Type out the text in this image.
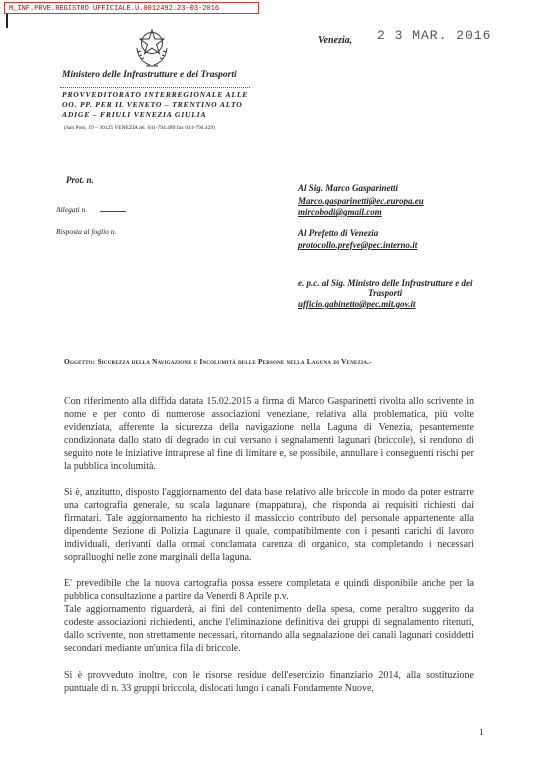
M_INF.PRVE.REGISTRO UFFICIALE.U.0012492.23-03-2016
Ministero delle Infrastrutture e dei Trasporti
PROVVEDITORATO INTERREGIONALE ALLE
OO. PP. PER IL VENETO – TRENTINO ALTO
ADIGE – FRIULI VENEZIA GIULIA
(San Polo, 19 – 30125 VENEZIA tel. 041-794.489 fax 041-794.429)
Venezia, 2 3 MAR. 2016
Prot. n.
Allegati n.
Risposta al foglio n.
Al Sig. Marco Gasparinetti
Marco.gasparinetti@ec.europa.eu
mircobodi@gmail.com
Al Prefetto di Venezia
protocollo.prefve@pec.interno.it
e. p.c. al Sig. Ministro delle Infrastrutture e dei
Trasporti
ufficio.gabinetto@pec.mit.gov.it
Oggetto: Sicurezza della Navigazione e Incolumità delle Persone nella Laguna di Venezia.-
Con riferimento alla diffida datata 15.02.2015 a firma di Marco Gasparinetti rivolta allo scrivente in nome e per conto di numerose associazioni veneziane, relativa alla problematica, più volte evidenziata, afferente la sicurezza della navigazione nella Laguna di Venezia, pesantemente condizionata dallo stato di degrado in cui versano i segnalamenti lagunari (briccole), si rendono di seguito note le iniziative intraprese al fine di limitare e, se possibile, annullare i conseguenti rischi per la pubblica incolumità.
Si è, anzitutto, disposto l'aggiornamento del data base relativo alle briccole in modo da poter estrarre una cartografia generale, su scala lagunare (mappatura), che risponda ai requisiti richiesti dai firmatari. Tale aggiornamento ha richiesto il massiccio contributo del personale appartenente alla dipendente Sezione di Polizia Lagunare il quale, compatibilmente con i pesanti carichi di lavoro individuali, derivanti dalla ormai conclamata carenza di organico, sta completando i necessari sopralluoghi nelle zone marginali della laguna.
E' prevedibile che la nuova cartografia possa essere completata e quindi disponibile anche per la pubblica consultazione a partire da Venerdì 8 Aprile p.v.
Tale aggiornamento riguarderà, ai fini del contenimento della spesa, come peraltro suggerito da codeste associazioni richiedenti, anche l'eliminazione definitiva dei gruppi di segnalamento ritenuti, dallo scrivente, non strettamente necessari, ritornando alla segnalazione dei canali lagunari cosiddetti secondari mediante un'unica fila di briccole.
Si è provveduto inoltre, con le risorse residue dell'esercizio finanziario 2014, alla sostituzione puntuale di n. 33 gruppi briccola, dislocati lungo i canali Fondamente Nuove,
1
